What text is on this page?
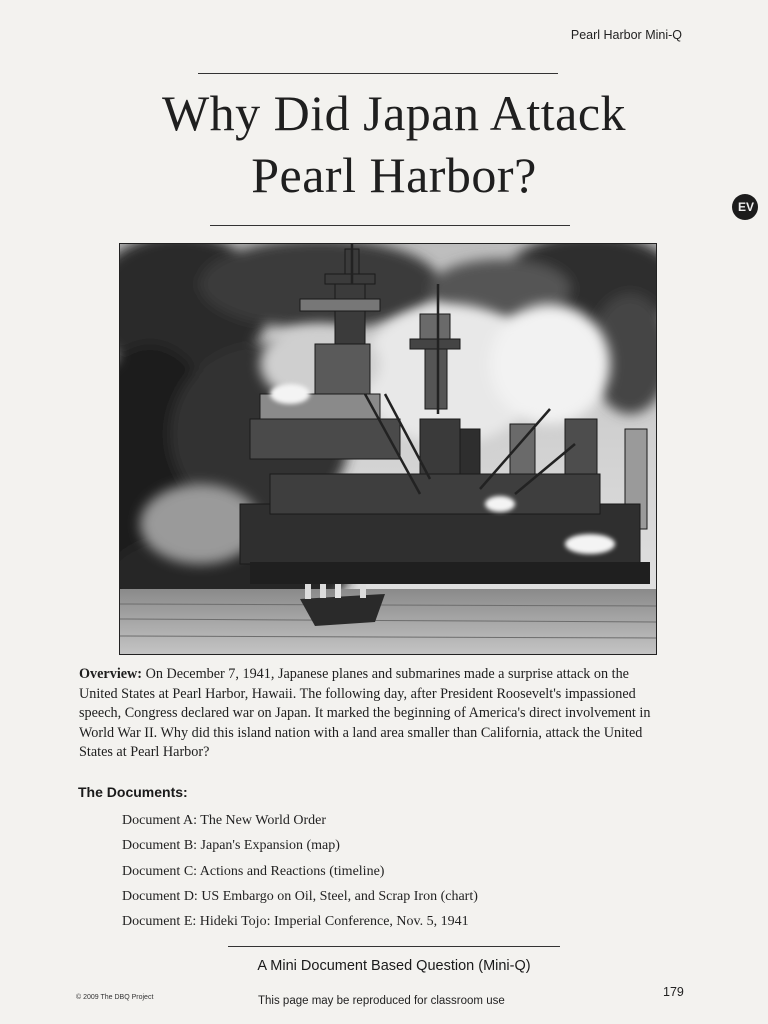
Pearl Harbor Mini-Q
Why Did Japan Attack
Pearl Harbor?
EV
Overview: On December 7, 1941, Japanese planes and submarines made a surprise attack on the United States at Pearl Harbor, Hawaii. The following day, after President Roosevelt's impassioned speech, Congress declared war on Japan. It marked the beginning of America's direct involvement in World War II. Why did this island nation with a land area smaller than California, attack the United States at Pearl Harbor?
The Documents:
Document A: The New World Order
Document B: Japan's Expansion (map)
Document C: Actions and Reactions (timeline)
Document D: US Embargo on Oil, Steel, and Scrap Iron (chart)
Document E: Hideki Tojo: Imperial Conference, Nov. 5, 1941
A Mini Document Based Question (Mini-Q)
179
© 2009 The DBQ Project	This page may be reproduced for classroom use
